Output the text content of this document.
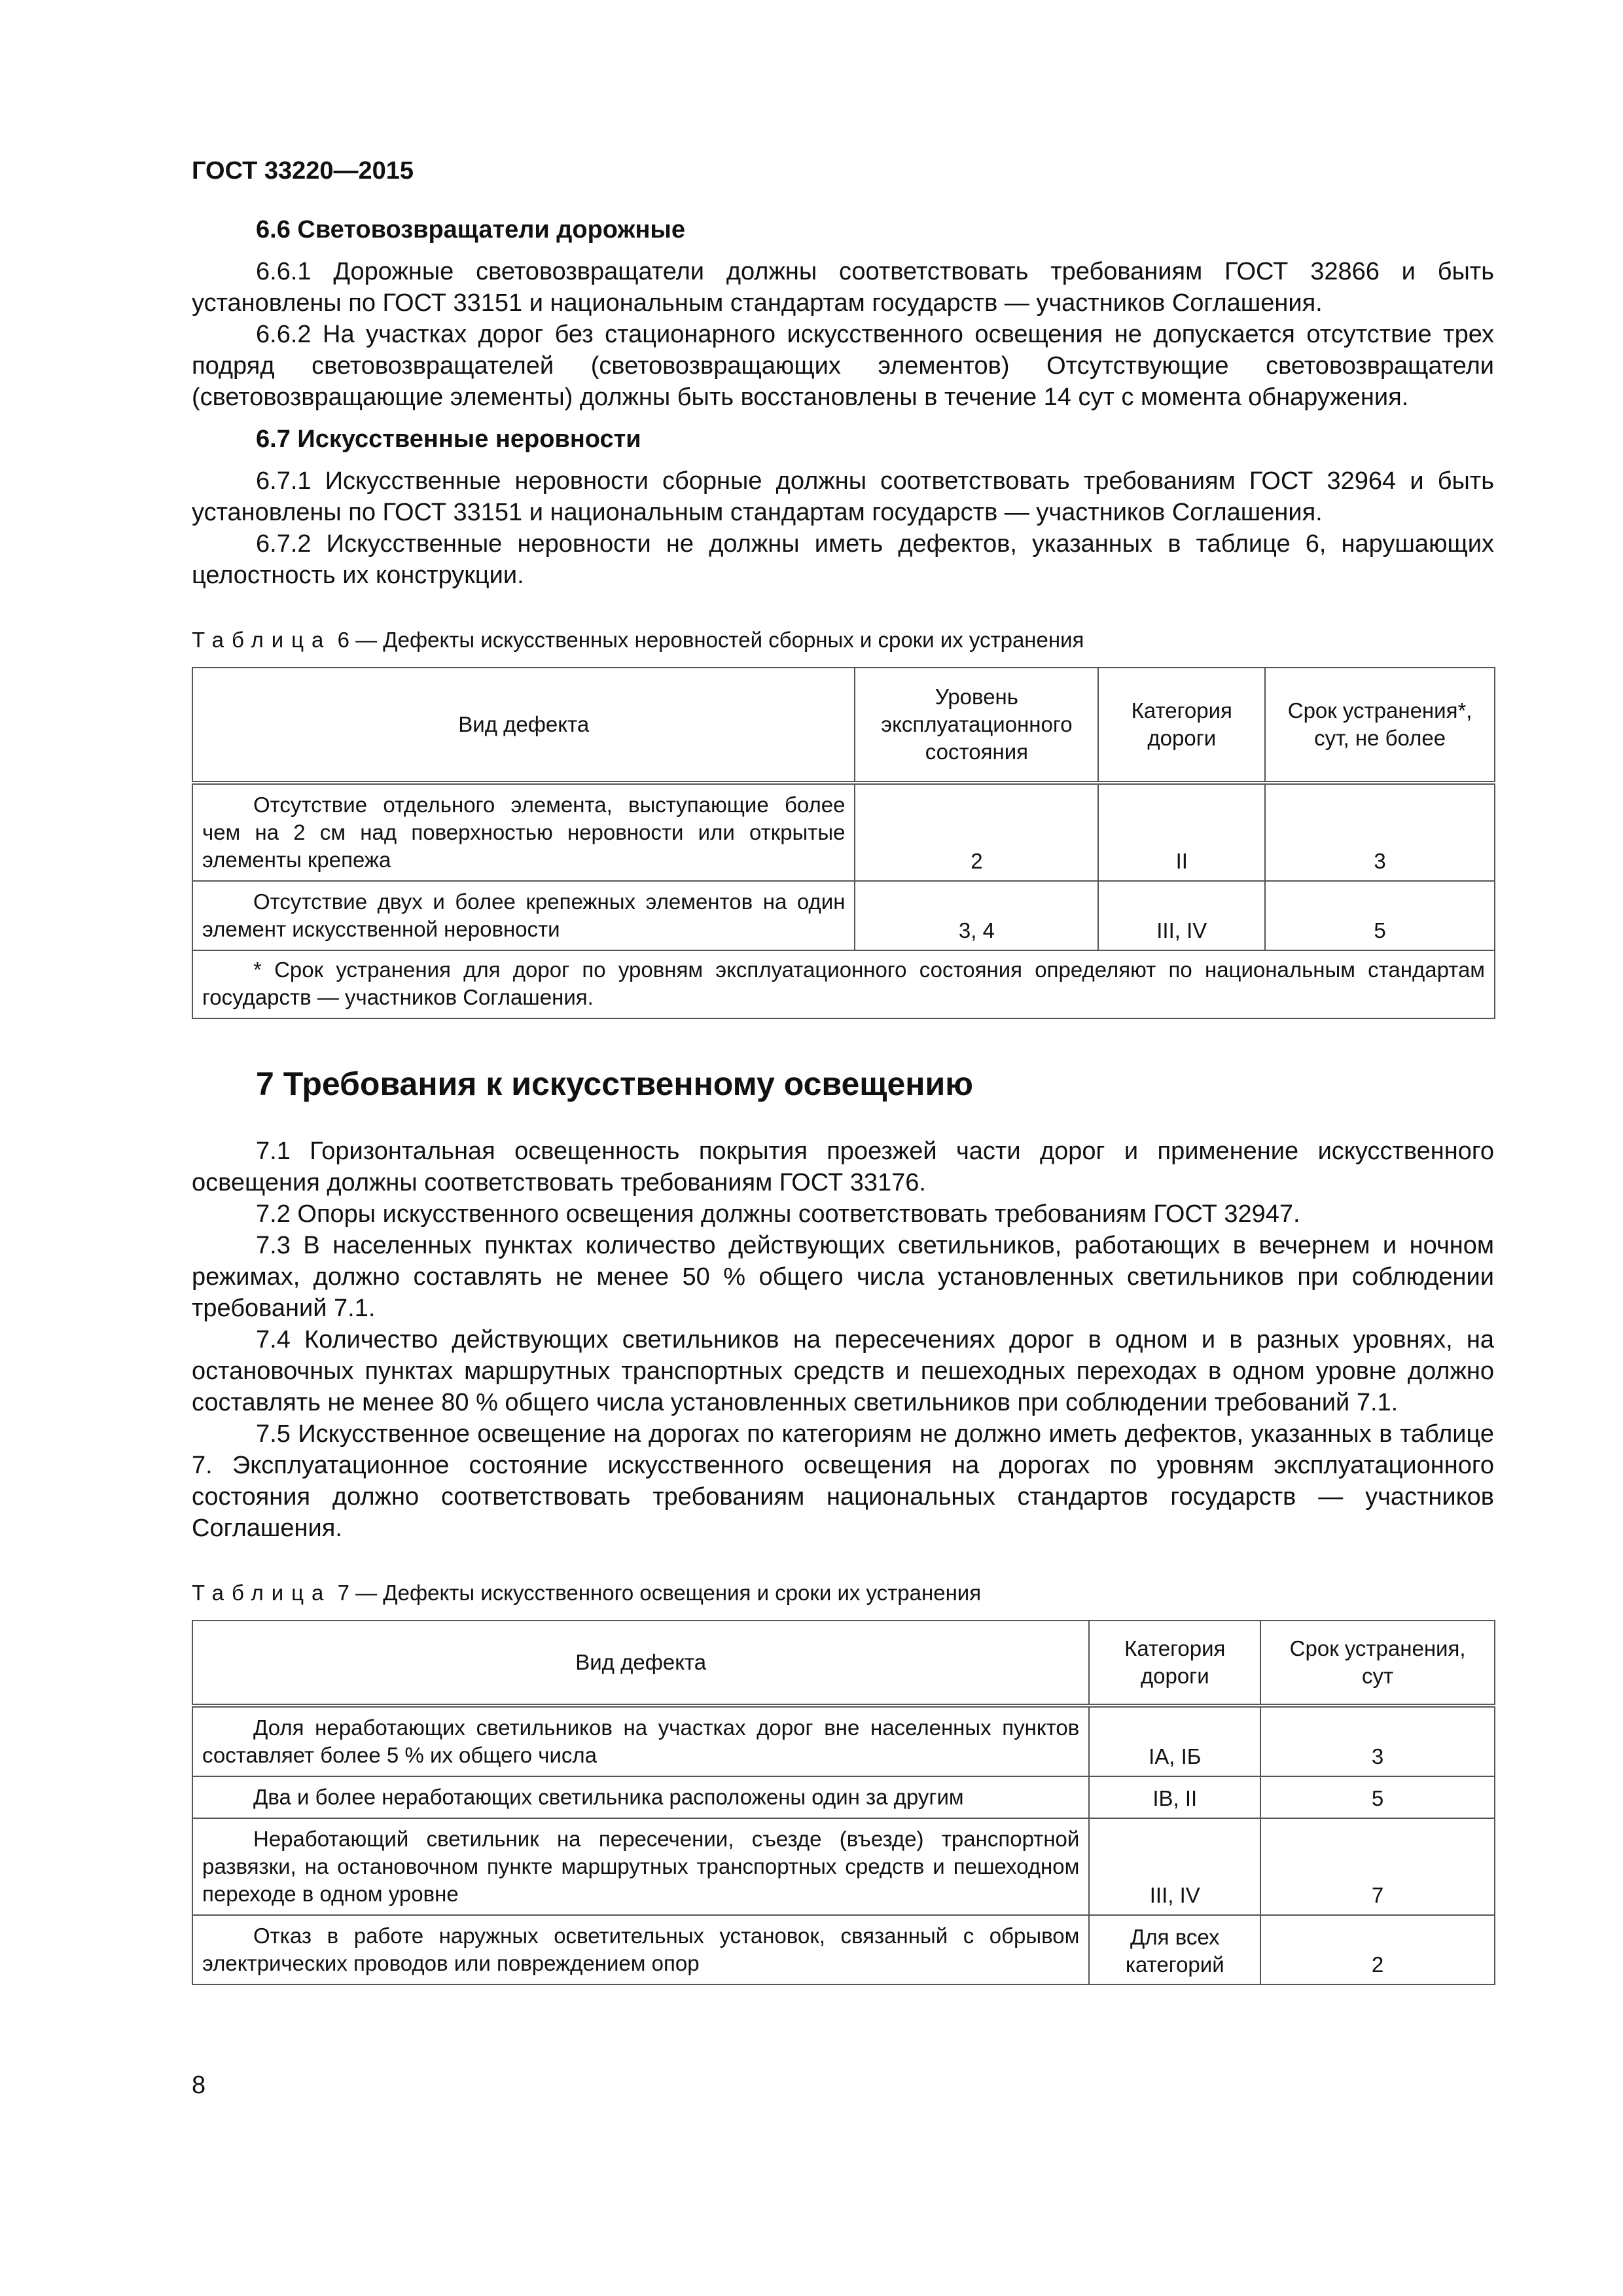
ГОСТ 33220—2015
6.6 Световозвращатели дорожные

6.6.1 Дорожные световозвращатели должны соответствовать требованиям ГОСТ 32866 и быть установлены по ГОСТ 33151 и национальным стандартам государств — участников Соглашения.

6.6.2 На участках дорог без стационарного искусственного освещения не допускается отсутствие трех подряд световозвращателей (световозвращающих элементов) Отсутствующие световозвращатели (световозвращающие элементы) должны быть восстановлены в течение 14 сут с момента обнаружения.

6.7 Искусственные неровности

6.7.1 Искусственные неровности сборные должны соответствовать требованиям ГОСТ 32964 и быть установлены по ГОСТ 33151 и национальным стандартам государств — участников Соглашения.

6.7.2 Искусственные неровности не должны иметь дефектов, указанных в таблице 6, нарушающих целостность их конструкции.

Таблица 6 — Дефекты искусственных неровностей сборных и сроки их устранения
Вид дефекта	Уровень эксплуатационного состояния	Категория дороги	Срок устранения*, сут, не более
Отсутствие отдельного элемента, выступающие более чем на 2 см над поверхностью неровности или открытые элементы крепежа	2	II	3
Отсутствие двух и более крепежных элементов на один элемент искусственной неровности	3, 4	III, IV	5
* Срок устранения для дорог по уровням эксплуатационного состояния определяют по национальным стандартам государств — участников Соглашения.			
7 Требования к искусственному освещению

7.1 Горизонтальная освещенность покрытия проезжей части дорог и применение искусственного освещения должны соответствовать требованиям ГОСТ 33176.

7.2 Опоры искусственного освещения должны соответствовать требованиям ГОСТ 32947.

7.3 В населенных пунктах количество действующих светильников, работающих в вечернем и ночном режимах, должно составлять не менее 50 % общего числа установленных светильников при соблюдении требований 7.1.

7.4 Количество действующих светильников на пересечениях дорог в одном и в разных уровнях, на остановочных пунктах маршрутных транспортных средств и пешеходных переходах в одном уровне должно составлять не менее 80 % общего числа установленных светильников при соблюдении требований 7.1.

7.5 Искусственное освещение на дорогах по категориям не должно иметь дефектов, указанных в таблице 7. Эксплуатационное состояние искусственного освещения на дорогах по уровням эксплуатационного состояния должно соответствовать требованиям национальных стандартов государств — участников Соглашения.

Таблица 7 — Дефекты искусственного освещения и сроки их устранения
Вид дефекта	Категория дороги	Срок устранения, сут
Доля неработающих светильников на участках дорог вне населенных пунктов составляет более 5 % их общего числа	IA, IБ	3
Два и более неработающих светильника расположены один за другим	IB, II	5
Неработающий светильник на пересечении, съезде (въезде) транспортной развязки, на остановочном пункте маршрутных транспортных средств и пешеходном переходе в одном уровне	III, IV	7
Отказ в работе наружных осветительных установок, связанный с обрывом электрических проводов или повреждением опор	Для всех категорий	2
8
